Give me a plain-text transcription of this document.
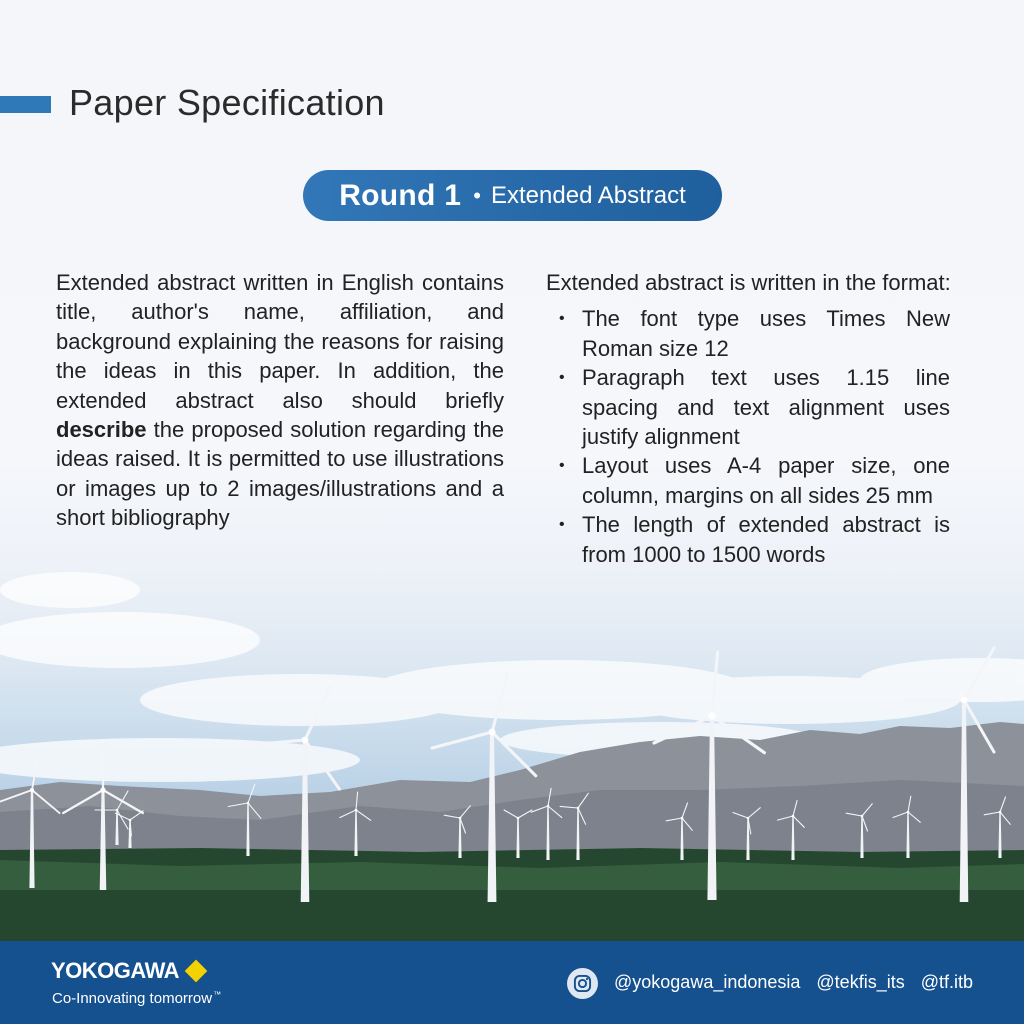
Paper Specification
Round 1 • Extended Abstract

Extended abstract written in English contains title, author's name, affiliation, and background explaining the reasons for raising the ideas in this paper. In addition, the extended abstract also should briefly describe the proposed solution regarding the ideas raised. It is permitted to use illustrations or images up to 2 images/illustrations and a short bibliography

Extended abstract is written in the format:

• The font type uses Times New Roman size 12
• Paragraph text uses 1.15 line spacing and text alignment uses justify alignment
• Layout uses A-4 paper size, one column, margins on all sides 25 mm
• The length of extended abstract is from 1000 to 1500 words
YOKOGAWA
Co-Innovating tomorrow™
@yokogawa_indonesia @tekfis_its @tf.itb
